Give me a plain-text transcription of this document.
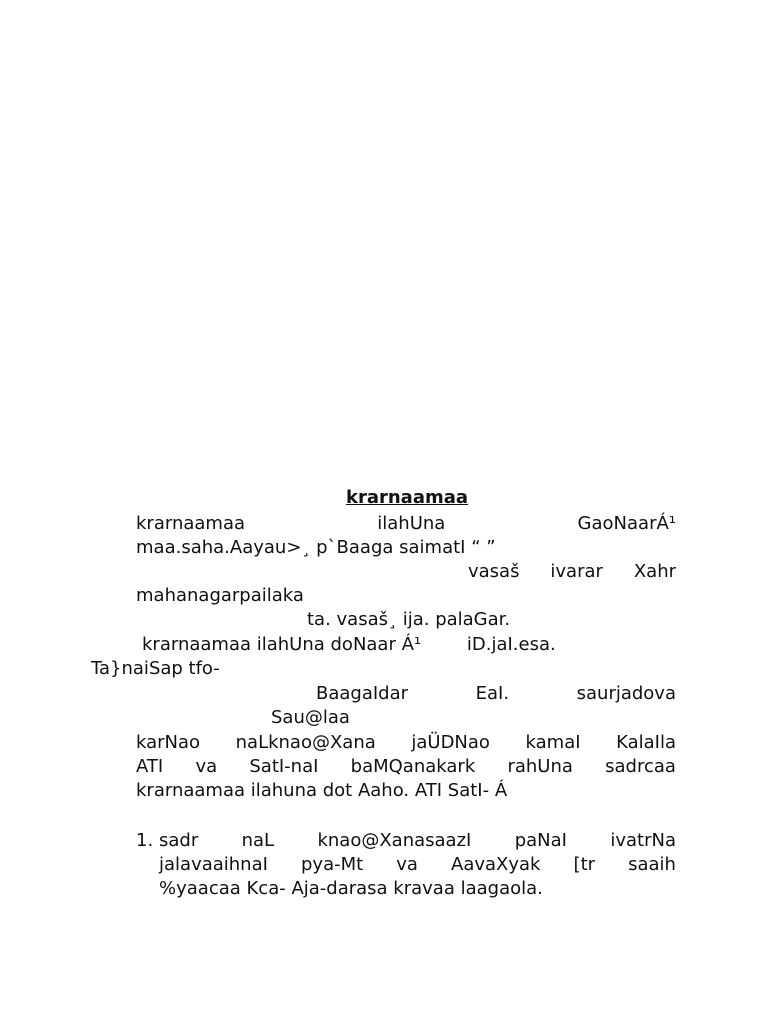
krarnaamaa
krarnaamaa	ilahUna	GaoNaarÁ¹
maa.saha.Aayau>¸ p`Baaga saimatI “ ”
vasaš ivarar Xahr
mahanagarpailaka
ta. vasaš¸ ija. palaGar.
krarnaamaa ilahUna doNaar Á¹        iD.jaI.esa.
Ta}naiSap tfo-
BaagaIdar	EaI.	saurjadova
Sau@laa
karNao naLknao@Xana jaÜDNao kamaI KalaIla
ATI va SatI-naI baMQanakark rahUna sadrcaa
krarnaamaa ilahuna dot Aaho. ATI SatI- Á
1. sadr naL knao@XanasaazI paNaI ivatrNa
jalavaaihnaI pya-Mt va AavaXyak [tr saaih
%yaacaa Kca- Aja-darasa kravaa laagaola.
